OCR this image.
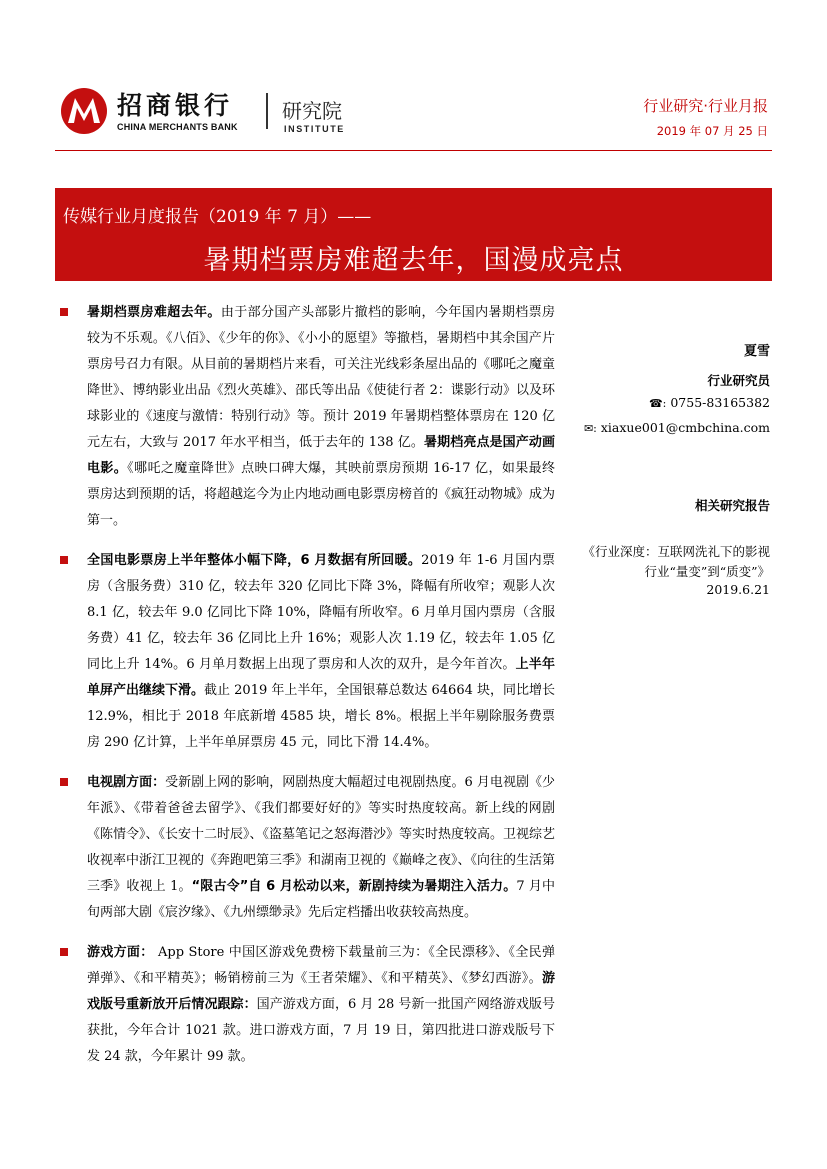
招商银行
CHINA MERCHANTS BANK
研究院
INSTITUTE
行业研究·行业月报
2019 年 07 月 25 日
传媒行业月度报告（2019 年 7 月）——
暑期档票房难超去年，国漫成亮点
暑期档票房难超去年。由于部分国产头部影片撤档的影响，今年国内暑期档票房较为不乐观。《八佰》、《少年的你》、《小小的愿望》等撤档，暑期档中其余国产片票房号召力有限。从目前的暑期档片来看，可关注光线彩条屋出品的《哪吒之魔童降世》、博纳影业出品《烈火英雄》、邵氏等出品《使徒行者 2：谍影行动》以及环球影业的《速度与激情：特别行动》等。预计 2019 年暑期档整体票房在 120 亿元左右，大致与 2017 年水平相当，低于去年的 138 亿。暑期档亮点是国产动画电影。《哪吒之魔童降世》点映口碑大爆，其映前票房预期 16-17 亿，如果最终票房达到预期的话，将超越迄今为止内地动画电影票房榜首的《疯狂动物城》成为第一。
全国电影票房上半年整体小幅下降，6 月数据有所回暖。2019 年 1-6 月国内票房（含服务费）310 亿，较去年 320 亿同比下降 3%，降幅有所收窄；观影人次 8.1 亿，较去年 9.0 亿同比下降 10%，降幅有所收窄。6 月单月国内票房（含服务费）41 亿，较去年 36 亿同比上升 16%；观影人次 1.19 亿，较去年 1.05 亿同比上升 14%。6 月单月数据上出现了票房和人次的双升，是今年首次。上半年单屏产出继续下滑。截止 2019 年上半年，全国银幕总数达 64664 块，同比增长 12.9%，相比于 2018 年底新增 4585 块，增长 8%。根据上半年剔除服务费票房 290 亿计算，上半年单屏票房 45 元，同比下滑 14.4%。
电视剧方面：受新剧上网的影响，网剧热度大幅超过电视剧热度。6 月电视剧《少年派》、《带着爸爸去留学》、《我们都要好好的》等实时热度较高。新上线的网剧《陈情令》、《长安十二时辰》、《盗墓笔记之怒海潜沙》等实时热度较高。卫视综艺收视率中浙江卫视的《奔跑吧第三季》和湖南卫视的《巅峰之夜》、《向往的生活第三季》收视上 1。“限古令”自 6 月松动以来，新剧持续为暑期注入活力。7 月中旬两部大剧《宸汐缘》、《九州缥缈录》先后定档播出收获较高热度。
游戏方面： App Store 中国区游戏免费榜下载量前三为：《全民漂移》、《全民弹弹弹》、《和平精英》；畅销榜前三为《王者荣耀》、《和平精英》、《梦幻西游》。游戏版号重新放开后情况跟踪：国产游戏方面，6 月 28 号新一批国产网络游戏版号获批，今年合计 1021 款。进口游戏方面，7 月 19 日，第四批进口游戏版号下发 24 款，今年累计 99 款。
夏雪
行业研究员
☎: 0755-83165382
✉: xiaxue001@cmbchina.com
相关研究报告
《行业深度：互联网洗礼下的影视行业“量变”到“质变”》
2019.6.21
